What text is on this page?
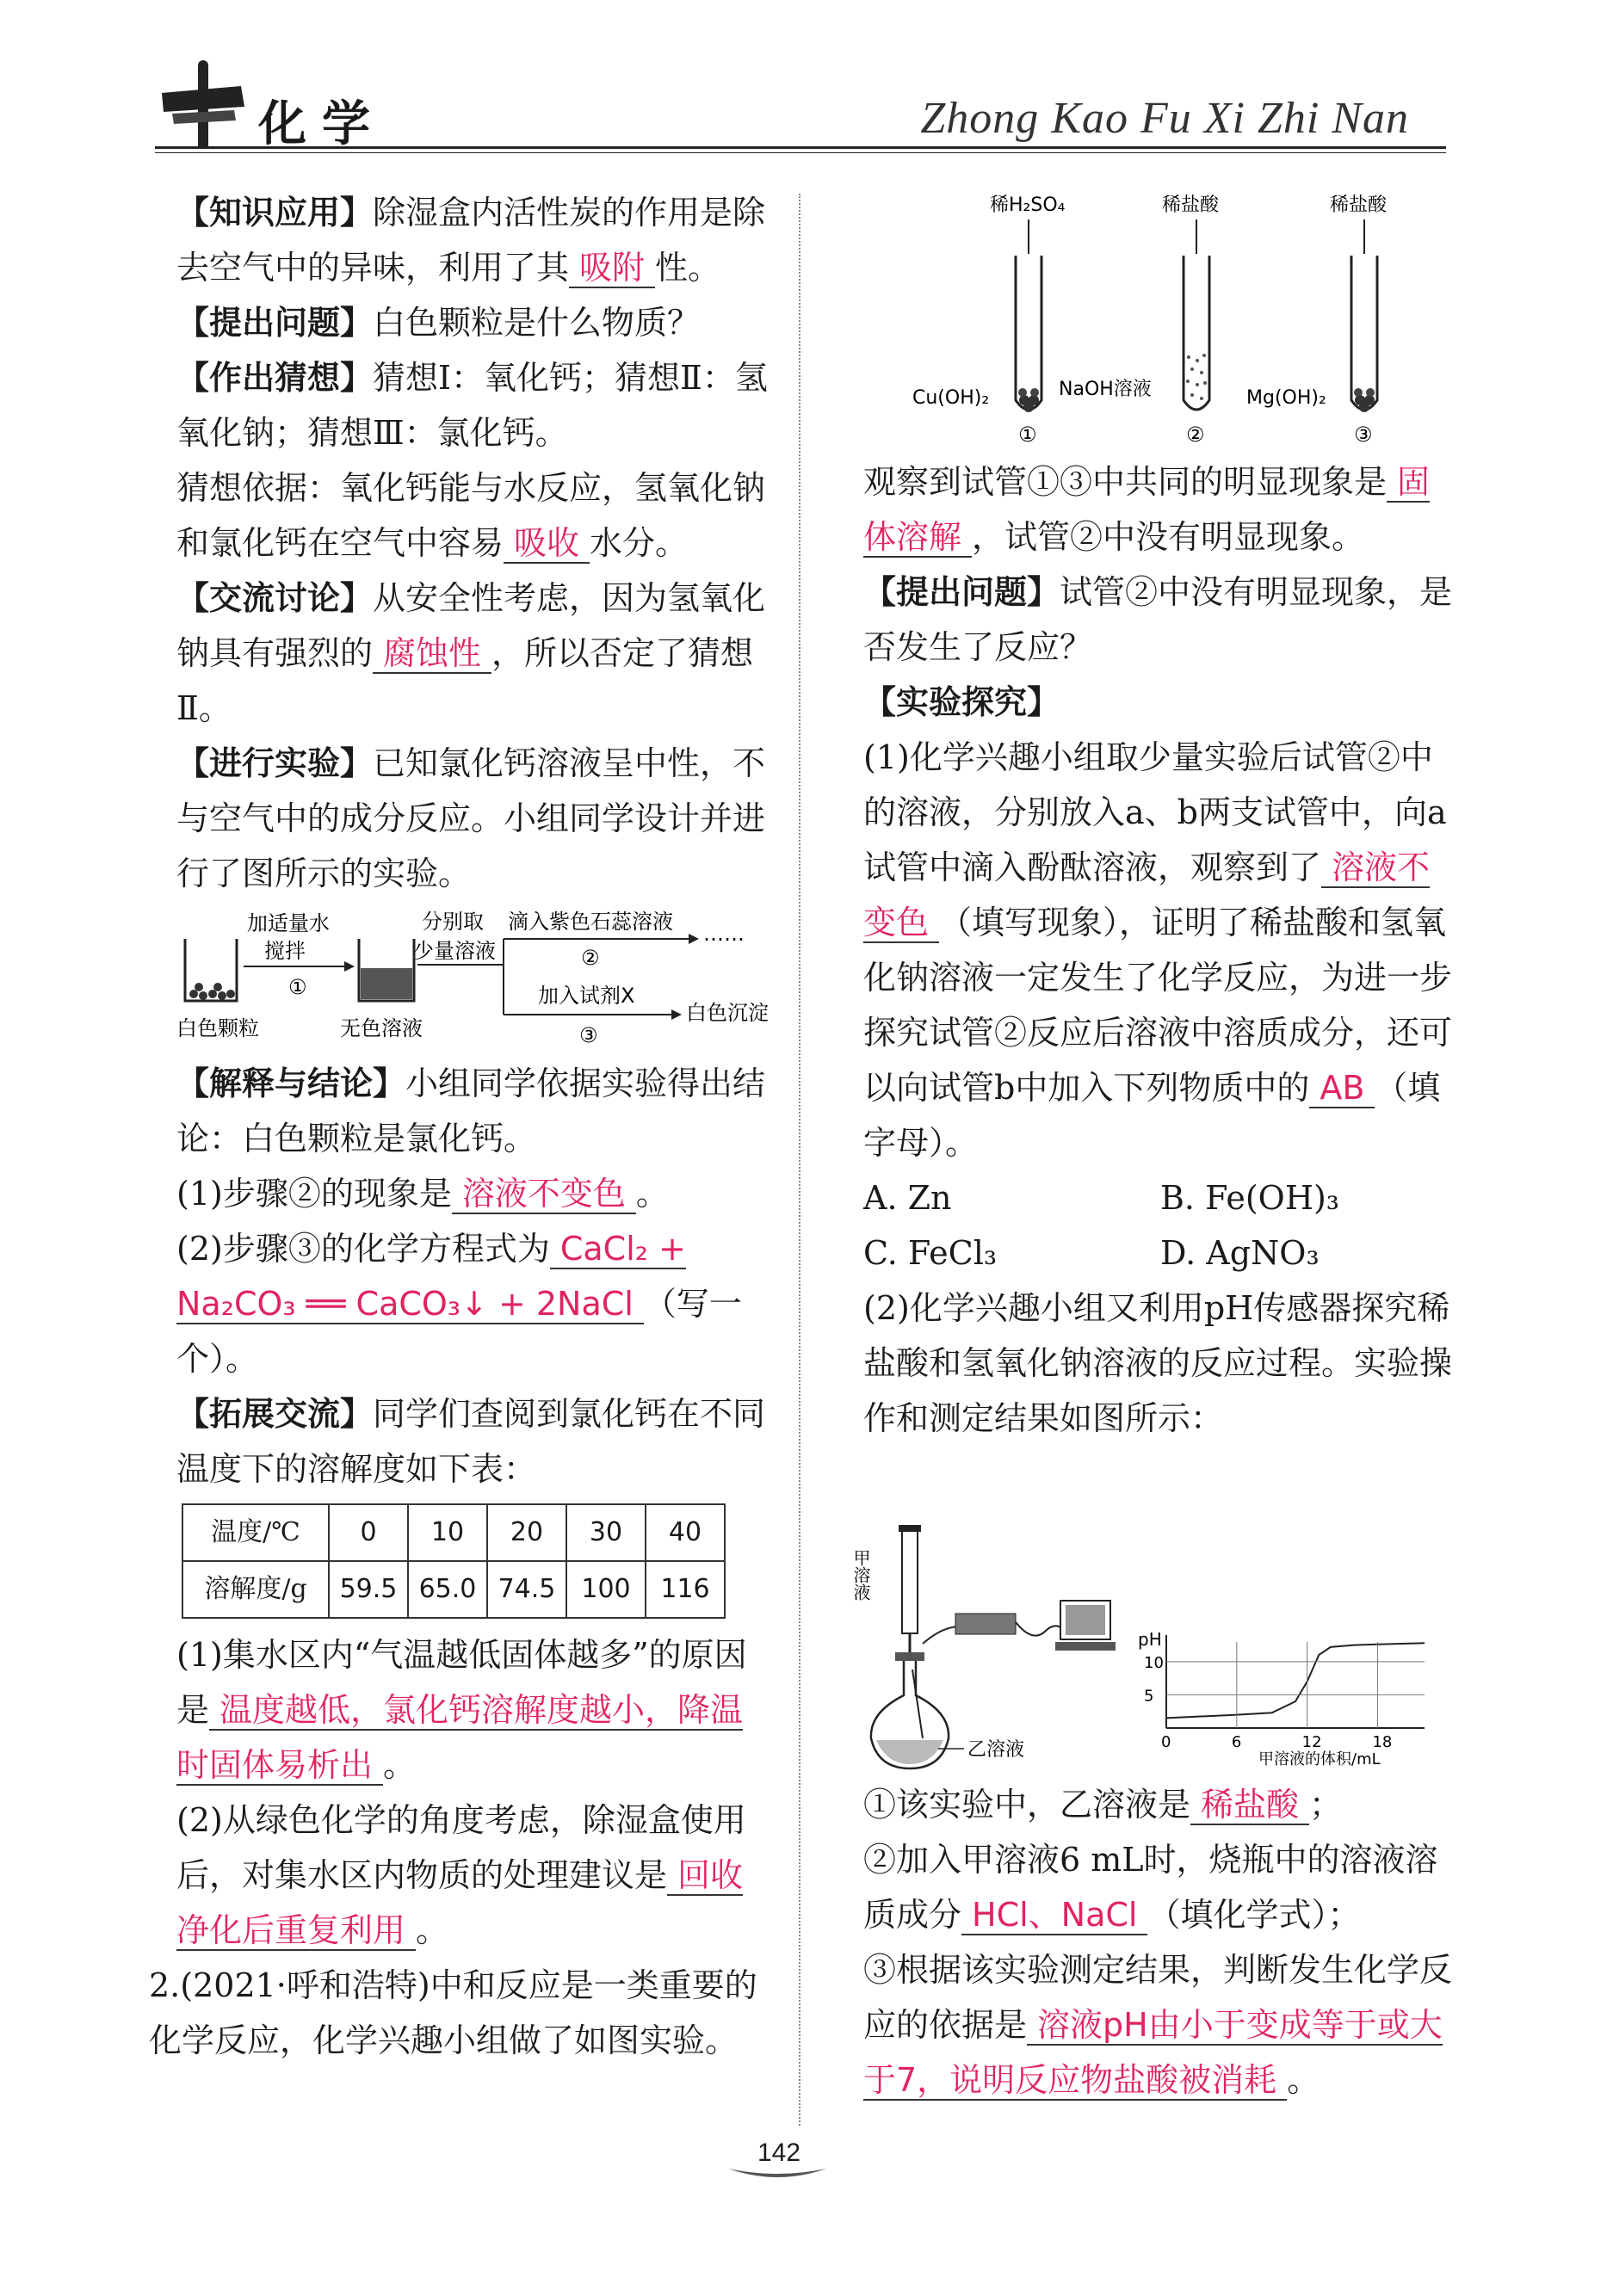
化学	Zhong Kao Fu Xi Zhi Nan

【知识应用】除湿盒内活性炭的作用是除去空气中的异味，利用了其 吸附 性。

【提出问题】白色颗粒是什么物质？

【作出猜想】猜想Ⅰ：氧化钙；猜想Ⅱ：氢氧化钠；猜想Ⅲ：氯化钙。

猜想依据：氧化钙能与水反应，氢氧化钠和氯化钙在空气中容易 吸收 水分。

【交流讨论】从安全性考虑，因为氢氧化钠具有强烈的 腐蚀性 ，所以否定了猜想Ⅱ。

【进行实验】已知氯化钙溶液呈中性，不与空气中的成分反应。小组同学设计并进行了图所示的实验。

白色颗粒
加适量水
搅拌
①
无色溶液
分别取
少量溶液
滴入紫色石蕊溶液
②
……
加入试剂X
③
白色沉淀

【解释与结论】小组同学依据实验得出结论：白色颗粒是氯化钙。

(1)步骤②的现象是 溶液不变色 。

(2)步骤③的化学方程式为 CaCl₂ + Na₂CO₃ ══ CaCO₃↓ + 2NaCl （写一个）。

【拓展交流】同学们查阅到氯化钙在不同温度下的溶解度如下表：

温度/℃	0	10	20	30	40
溶解度/g	59.5	65.0	74.5	100	116

(1)集水区内“气温越低固体越多”的原因是 温度越低，氯化钙溶解度越小，降温时固体易析出 。

(2)从绿色化学的角度考虑，除湿盒使用后，对集水区内物质的处理建议是 回收净化后重复利用 。

2.(2021·呼和浩特)中和反应是一类重要的化学反应，化学兴趣小组做了如图实验。

稀H₂SO₄
Cu(OH)₂
①
稀盐酸
NaOH溶液
②
稀盐酸
Mg(OH)₂
③

观察到试管①③中共同的明显现象是 固体溶解 ，试管②中没有明显现象。

【提出问题】试管②中没有明显现象，是否发生了反应？

【实验探究】

(1)化学兴趣小组取少量实验后试管②中的溶液，分别放入a、b两支试管中，向a试管中滴入酚酞溶液，观察到了 溶液不变色 （填写现象），证明了稀盐酸和氢氧化钠溶液一定发生了化学反应，为进一步探究试管②反应后溶液中溶质成分，还可以向试管b中加入下列物质中的 AB （填字母）。

A. Zn	B. Fe(OH)₃
C. FeCl₃	D. AgNO₃

(2)化学兴趣小组又利用pH传感器探究稀盐酸和氢氧化钠溶液的反应过程。实验操作和测定结果如图所示：

甲溶液
乙溶液
pH
甲溶液的体积/mL
5
10
0	6	12	18

①该实验中，乙溶液是 稀盐酸 ；

②加入甲溶液6 mL时，烧瓶中的溶液溶质成分 HCl、NaCl （填化学式）；

③根据该实验测定结果，判断发生化学反应的依据是 溶液pH由小于变成等于或大于7，说明反应物盐酸被消耗 。

142
